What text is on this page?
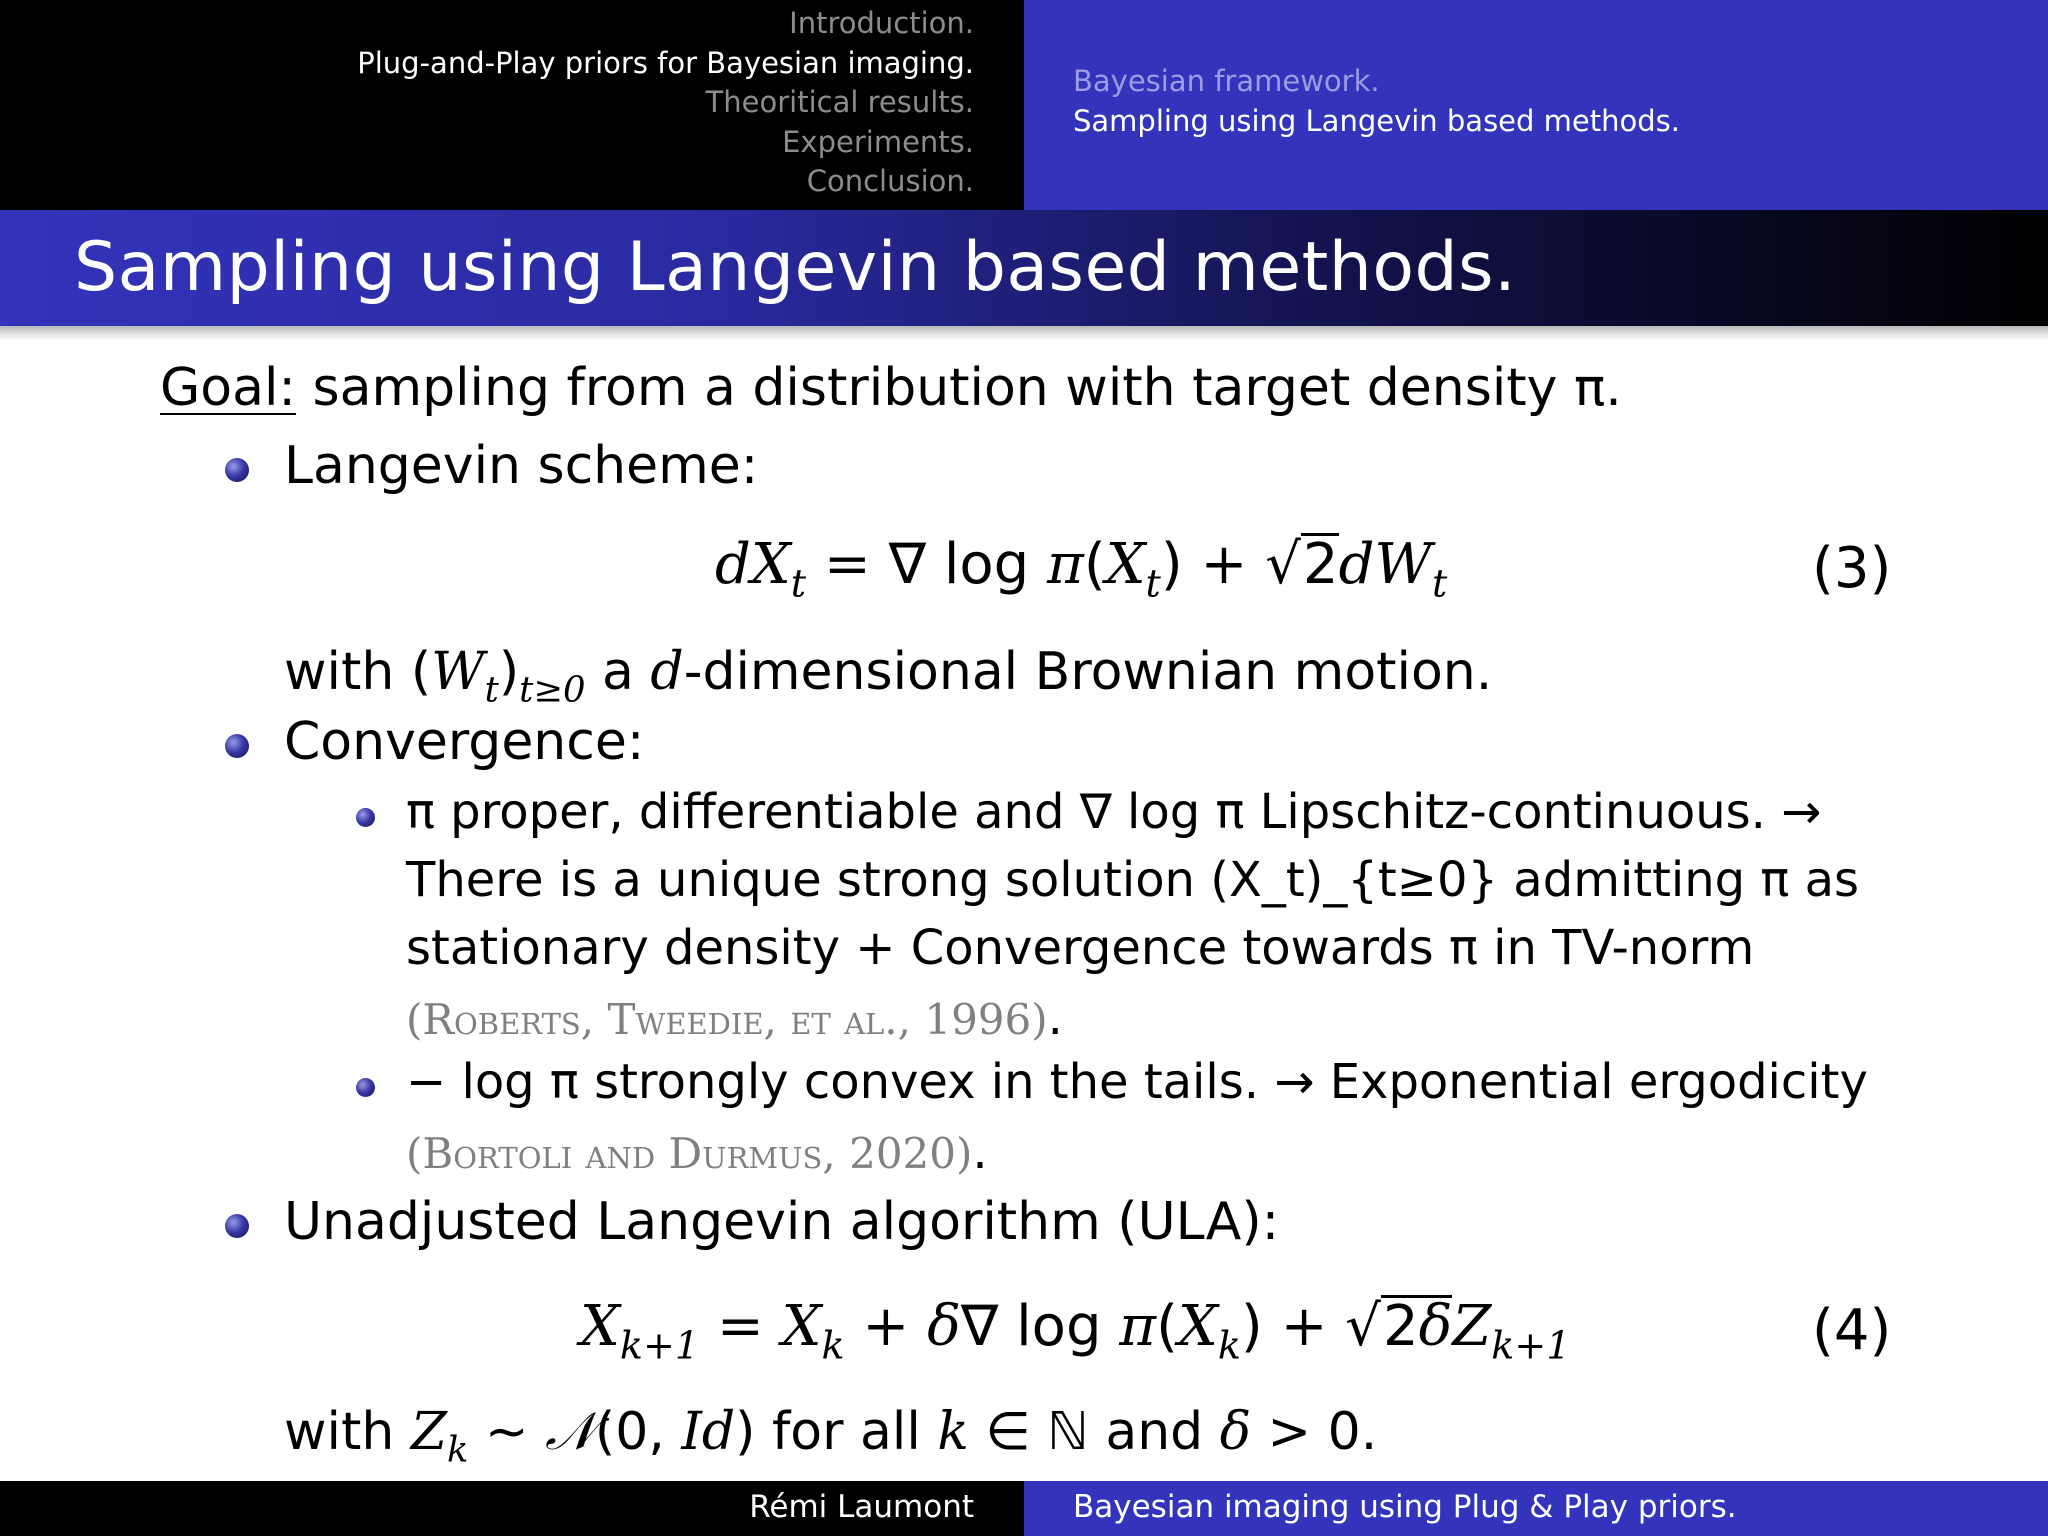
Introduction.
Plug-and-Play priors for Bayesian imaging.
Theoritical results.
Experiments.
Conclusion.
Bayesian framework.
Sampling using Langevin based methods.
Sampling using Langevin based methods.
Goal: sampling from a distribution with target density π.
Langevin scheme:
$dX_t$ = ∇ $\log \pi(X_t) + √2dW_t$	(3)
with $(W_t)_{t\ge 0}$ a d-dimensional Brownian motion.
Convergence:
π proper, differentiable and ∇ log π Lipschitz-continuous. →
There is a unique strong solution (X_t)_{t≥0} admitting π as
stationary density + Convergence towards π in TV-norm
(Roberts, Tweedie, et al., 1996).
− log π strongly convex in the tails. → Exponential ergodicity
(Bortoli and Durmus, 2020).
Unadjusted Langevin algorithm (ULA):
$X_{k+1} = X_k + \delta\nabla$ $\log \pi(X_k) + √2\delta Z_{k+1}$	(4)
with $Z_k$ ∼ 𝒩(0, Id) for all k ∈ ℕ and δ > 0.
Rémi Laumont	Bayesian imaging using Plug & Play priors.
